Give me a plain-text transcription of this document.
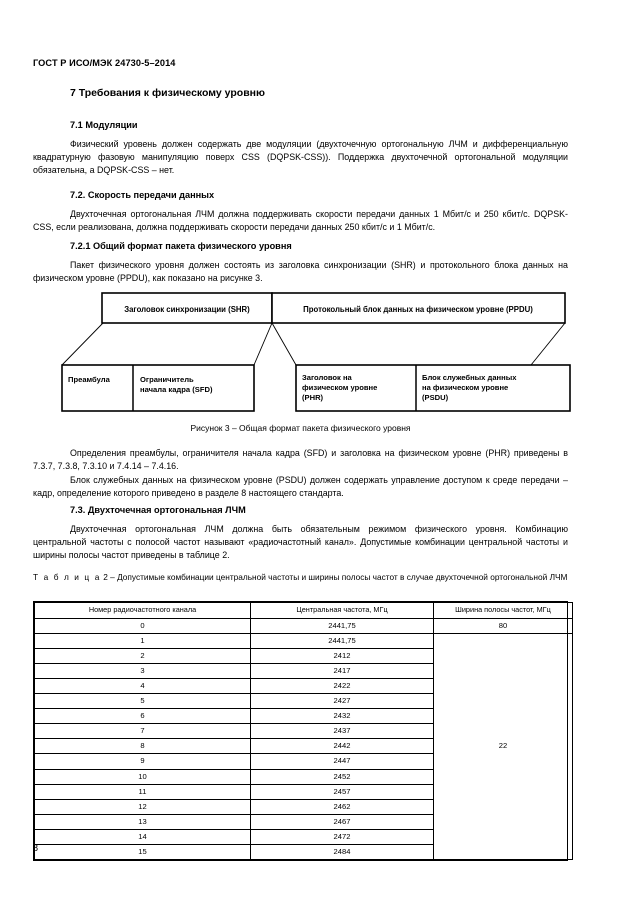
ГОСТ Р ИСО/МЭК 24730-5–2014
7 Требования к физическому уровню
7.1 Модуляции
Физический уровень должен содержать две модуляции (двухточечную ортогональную ЛЧМ и дифференциальную квадратурную фазовую манипуляцию поверх CSS (DQPSK-CSS)). Поддержка двухточечной ортогональной модуляции обязательна, а DQPSK-CSS – нет.
7.2. Скорость передачи данных
Двухточечная ортогональная ЛЧМ должна поддерживать скорости передачи данных 1 Мбит/с и 250 кбит/с. DQPSK-CSS, если реализована, должна поддерживать скорости передачи данных 250 кбит/с и 1 Мбит/с.
7.2.1 Общий формат пакета физического уровня
Пакет физического уровня должен состоять из заголовка синхронизации (SHR) и протокольного блока данных на физическом уровне (PPDU), как показано на рисунке 3.
Заголовок синхронизации (SHR)	Протокольный блок данных на физическом уровне (PPDU)
Преамбула	Ограничитель начала кадра (SFD)
Заголовок на физическом уровне (PHR)
Блок служебных данных на физическом уровне (PSDU)
Рисунок 3 – Общая формат пакета физического уровня
Определения преамбулы, ограничителя начала кадра (SFD) и заголовка на физическом уровне (PHR) приведены в 7.3.7, 7.3.8, 7.3.10 и 7.4.14 – 7.4.16.
Блок служебных данных на физическом уровне (PSDU) должен содержать управление доступом к среде передачи – кадр, определение которого приведено в разделе 8 настоящего стандарта.
7.3. Двухточечная ортогональная ЛЧМ
Двухточечная ортогональная ЛЧМ должна быть обязательным режимом физического уровня. Комбинацию центральной частоты с полосой частот называют «радиочастотный канал». Допустимые комбинации центральной частоты и ширины полосы частот приведены в таблице 2.
Т а б л и ц а 2 – Допустимые комбинации центральной частоты и ширины полосы частот в случае двухточечной ортогональной ЛЧМ
Номер радиочастотного канала	Центральная частота, МГц	Ширина полосы частот, МГц
0	2441,75	80
1	2441,75	22
2	2412	
3	2417	
4	2422	
5	2427	
6	2432	
7	2437	
8	2442	
9	2447	
10	2452	
11	2457	
12	2462	
13	2467	
14	2472	
15	2484	
8
